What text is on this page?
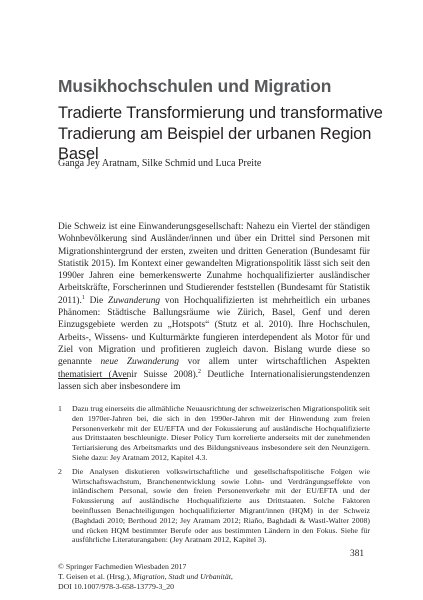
Musikhochschulen und Migration
Tradierte Transformierung und transformative Tradierung am Beispiel der urbanen Region Basel
Ganga Jey Aratnam, Silke Schmid und Luca Preite

Die Schweiz ist eine Einwanderungsgesellschaft: Nahezu ein Viertel der ständigen Wohnbevölkerung sind Ausländer/innen und über ein Drittel sind Personen mit Migrationshintergrund der ersten, zweiten und dritten Generation (Bundesamt für Statistik 2015). Im Kontext einer gewandelten Migrationspolitik lässt sich seit den 1990er Jahren eine bemerkenswerte Zunahme hochqualifizierter ausländischer Arbeitskräfte, Forscherinnen und Studierender feststellen (Bundesamt für Statistik 2011).$^1$ Die Zuwanderung von Hochqualifizierten ist mehrheitlich ein urbanes Phänomen: Städtische Ballungsräume wie Zürich, Basel, Genf und deren Einzugsgebiete werden zu „Hotspots“ (Stutz et al. 2010). Ihre Hochschulen, Arbeits-, Wissens- und Kulturmärkte fungieren interdependent als Motor für und Ziel von Migration und profitieren zugleich davon. Bislang wurde diese so genannte neue Zuwanderung vor allem unter wirtschaftlichen Aspekten thematisiert (Avenir Suisse 2008).$^2$ Deutliche Internationalisierungstendenzen lassen sich aber insbesondere im

1	Dazu trug einerseits die allmähliche Neuausrichtung der schweizerischen Migrationspolitik seit den 1970er-Jahren bei, die sich in den 1990er-Jahren mit der Hinwendung zum freien Personenverkehr mit der EU/EFTA und der Fokussierung auf ausländische Hochqualifizierte aus Drittstaaten beschleunigte. Dieser Policy Turn korrelierte anderseits mit der zunehmenden Tertiarisierung des Arbeitsmarkts und des Bildungsniveaus insbesondere seit den Neunzigern. Siehe dazu: Jey Aratnam 2012, Kapitel 4.3.
2	Die Analysen diskutieren volkswirtschaftliche und gesellschaftspolitische Folgen wie Wirtschaftswachstum, Branchenentwicklung sowie Lohn- und Verdrängungseffekte von inländischem Personal, sowie den freien Personenverkehr mit der EU/EFTA und der Fokussierung auf ausländische Hochqualifizierte aus Drittstaaten. Solche Faktoren beeinflussen Benachteiligungen hochqualifizierter Migrant/innen (HQM) in der Schweiz (Baghdadi 2010; Berthoud 2012; Jey Aratnam 2012; Riaño, Baghdadi & Wastl-Walter 2008) und rücken HQM bestimmter Berufe oder aus bestimmten Ländern in den Fokus. Siehe für ausführliche Literaturangaben: (Jey Aratnam 2012, Kapitel 3).
381
© Springer Fachmedien Wiesbaden 2017
T. Geisen et al. (Hrsg.), Migration, Stadt und Urbanität,
DOI 10.1007/978-3-658-13779-3_20
